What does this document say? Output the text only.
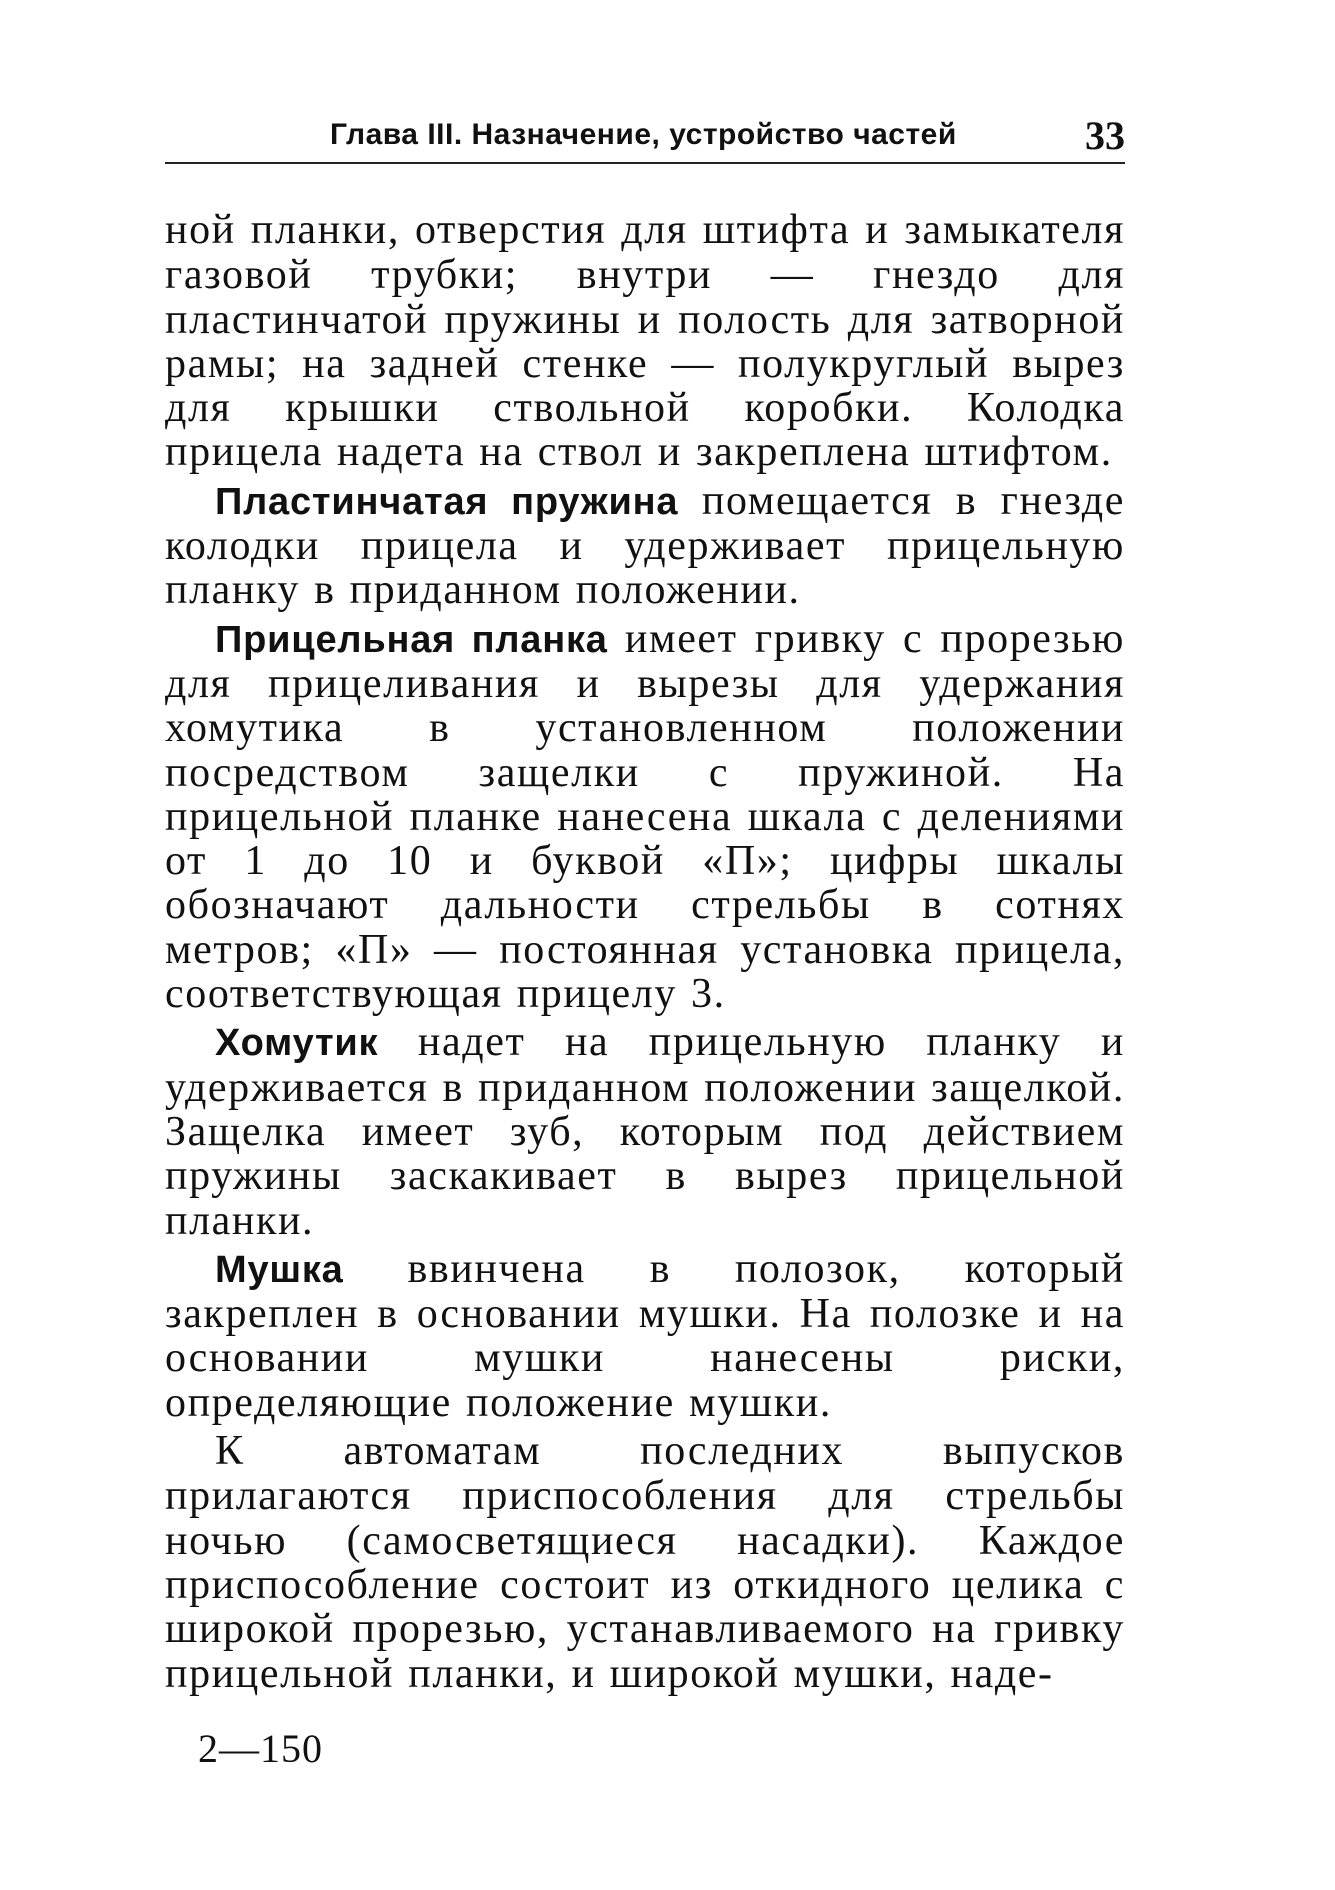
Глава III. Назначение, устройство частей	33

ной планки, отверстия для штифта и замыкателя газовой трубки; внутри — гнездо для пластинчатой пружины и полость для затворной рамы; на задней стенке — полукруглый вырез для крышки ствольной коробки. Колодка прицела надета на ствол и закреплена штифтом.

Пластинчатая пружина помещается в гнезде колодки прицела и удерживает прицельную планку в приданном положении.

Прицельная планка имеет гривку с прорезью для прицеливания и вырезы для удержания хомутика в установленном положении посредством защелки с пружиной. На прицельной планке нанесена шкала с делениями от 1 до 10 и буквой «П»; цифры шкалы обозначают дальности стрельбы в сотнях метров; «П» — постоянная установка прицела, соответствующая прицелу 3.

Хомутик надет на прицельную планку и удерживается в приданном положении защелкой. Защелка имеет зуб, которым под действием пружины заскакивает в вырез прицельной планки.

Мушка ввинчена в полозок, который закреплен в основании мушки. На полозке и на основании мушки нанесены риски, определяющие положение мушки.

К автоматам последних выпусков прилагаются приспособления для стрельбы ночью (самосветящиеся насадки). Каждое приспособление состоит из откидного целика с широкой прорезью, устанавливаемого на гривку прицельной планки, и широкой мушки, наде-

2—150
